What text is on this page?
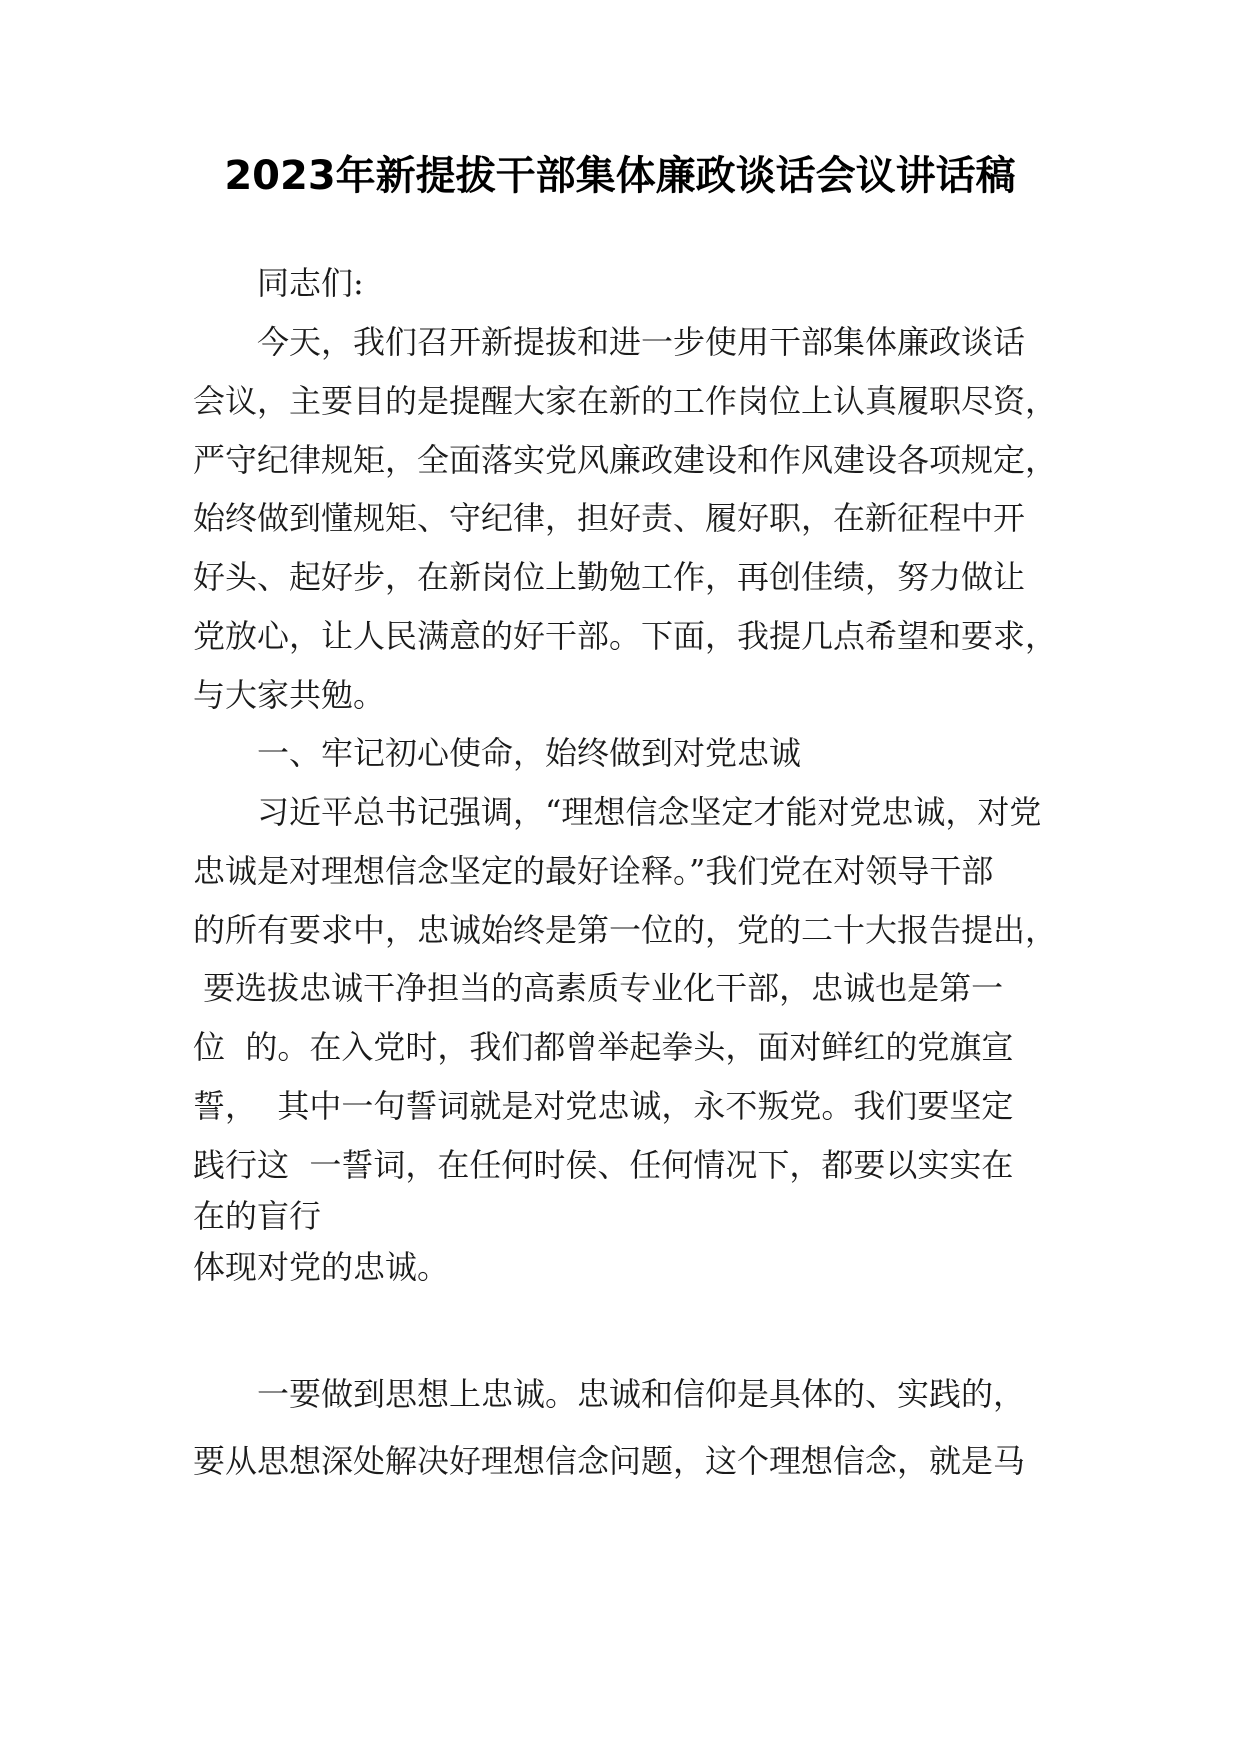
2023年新提拔干部集体廉政谈话会议讲话稿
同志们:
今天，我们召开新提拔和进一步使用干部集体廉政谈话
会议，主要目的是提醒大家在新的工作岗位上认真履职尽资，
严守纪律规矩，全面落实党风廉政建设和作风建设各项规定，
始终做到懂规矩、守纪律，担好责、履好职，在新征程中开
好头、起好步，在新岗位上勤勉工作，再创佳绩，努力做让
党放心，让人民满意的好干部。下面，我提几点希望和要求，
与大家共勉。
一、牢记初心使命，始终做到对党忠诚
习近平总书记强调，“理想信念坚定才能对党忠诚，对党
忠诚是对理想信念坚定的最好诠释。”我们党在对领导干部
的所有要求中，忠诚始终是第一位的，党的二十大报告提出，
要选拔忠诚干净担当的高素质专业化干部，忠诚也是第一
位  的。在入党时，我们都曾举起拳头，面对鲜红的党旗宣
誓，  其中一句誓词就是对党忠诚，永不叛党。我们要坚定
践行这  一誓词，在任何时侯、任何情况下，都要以实实在
在的盲行
体现对党的忠诚。
一要做到思想上忠诚。忠诚和信仰是具体的、实践的，
要从思想深处解决好理想信念问题，这个理想信念，就是马
